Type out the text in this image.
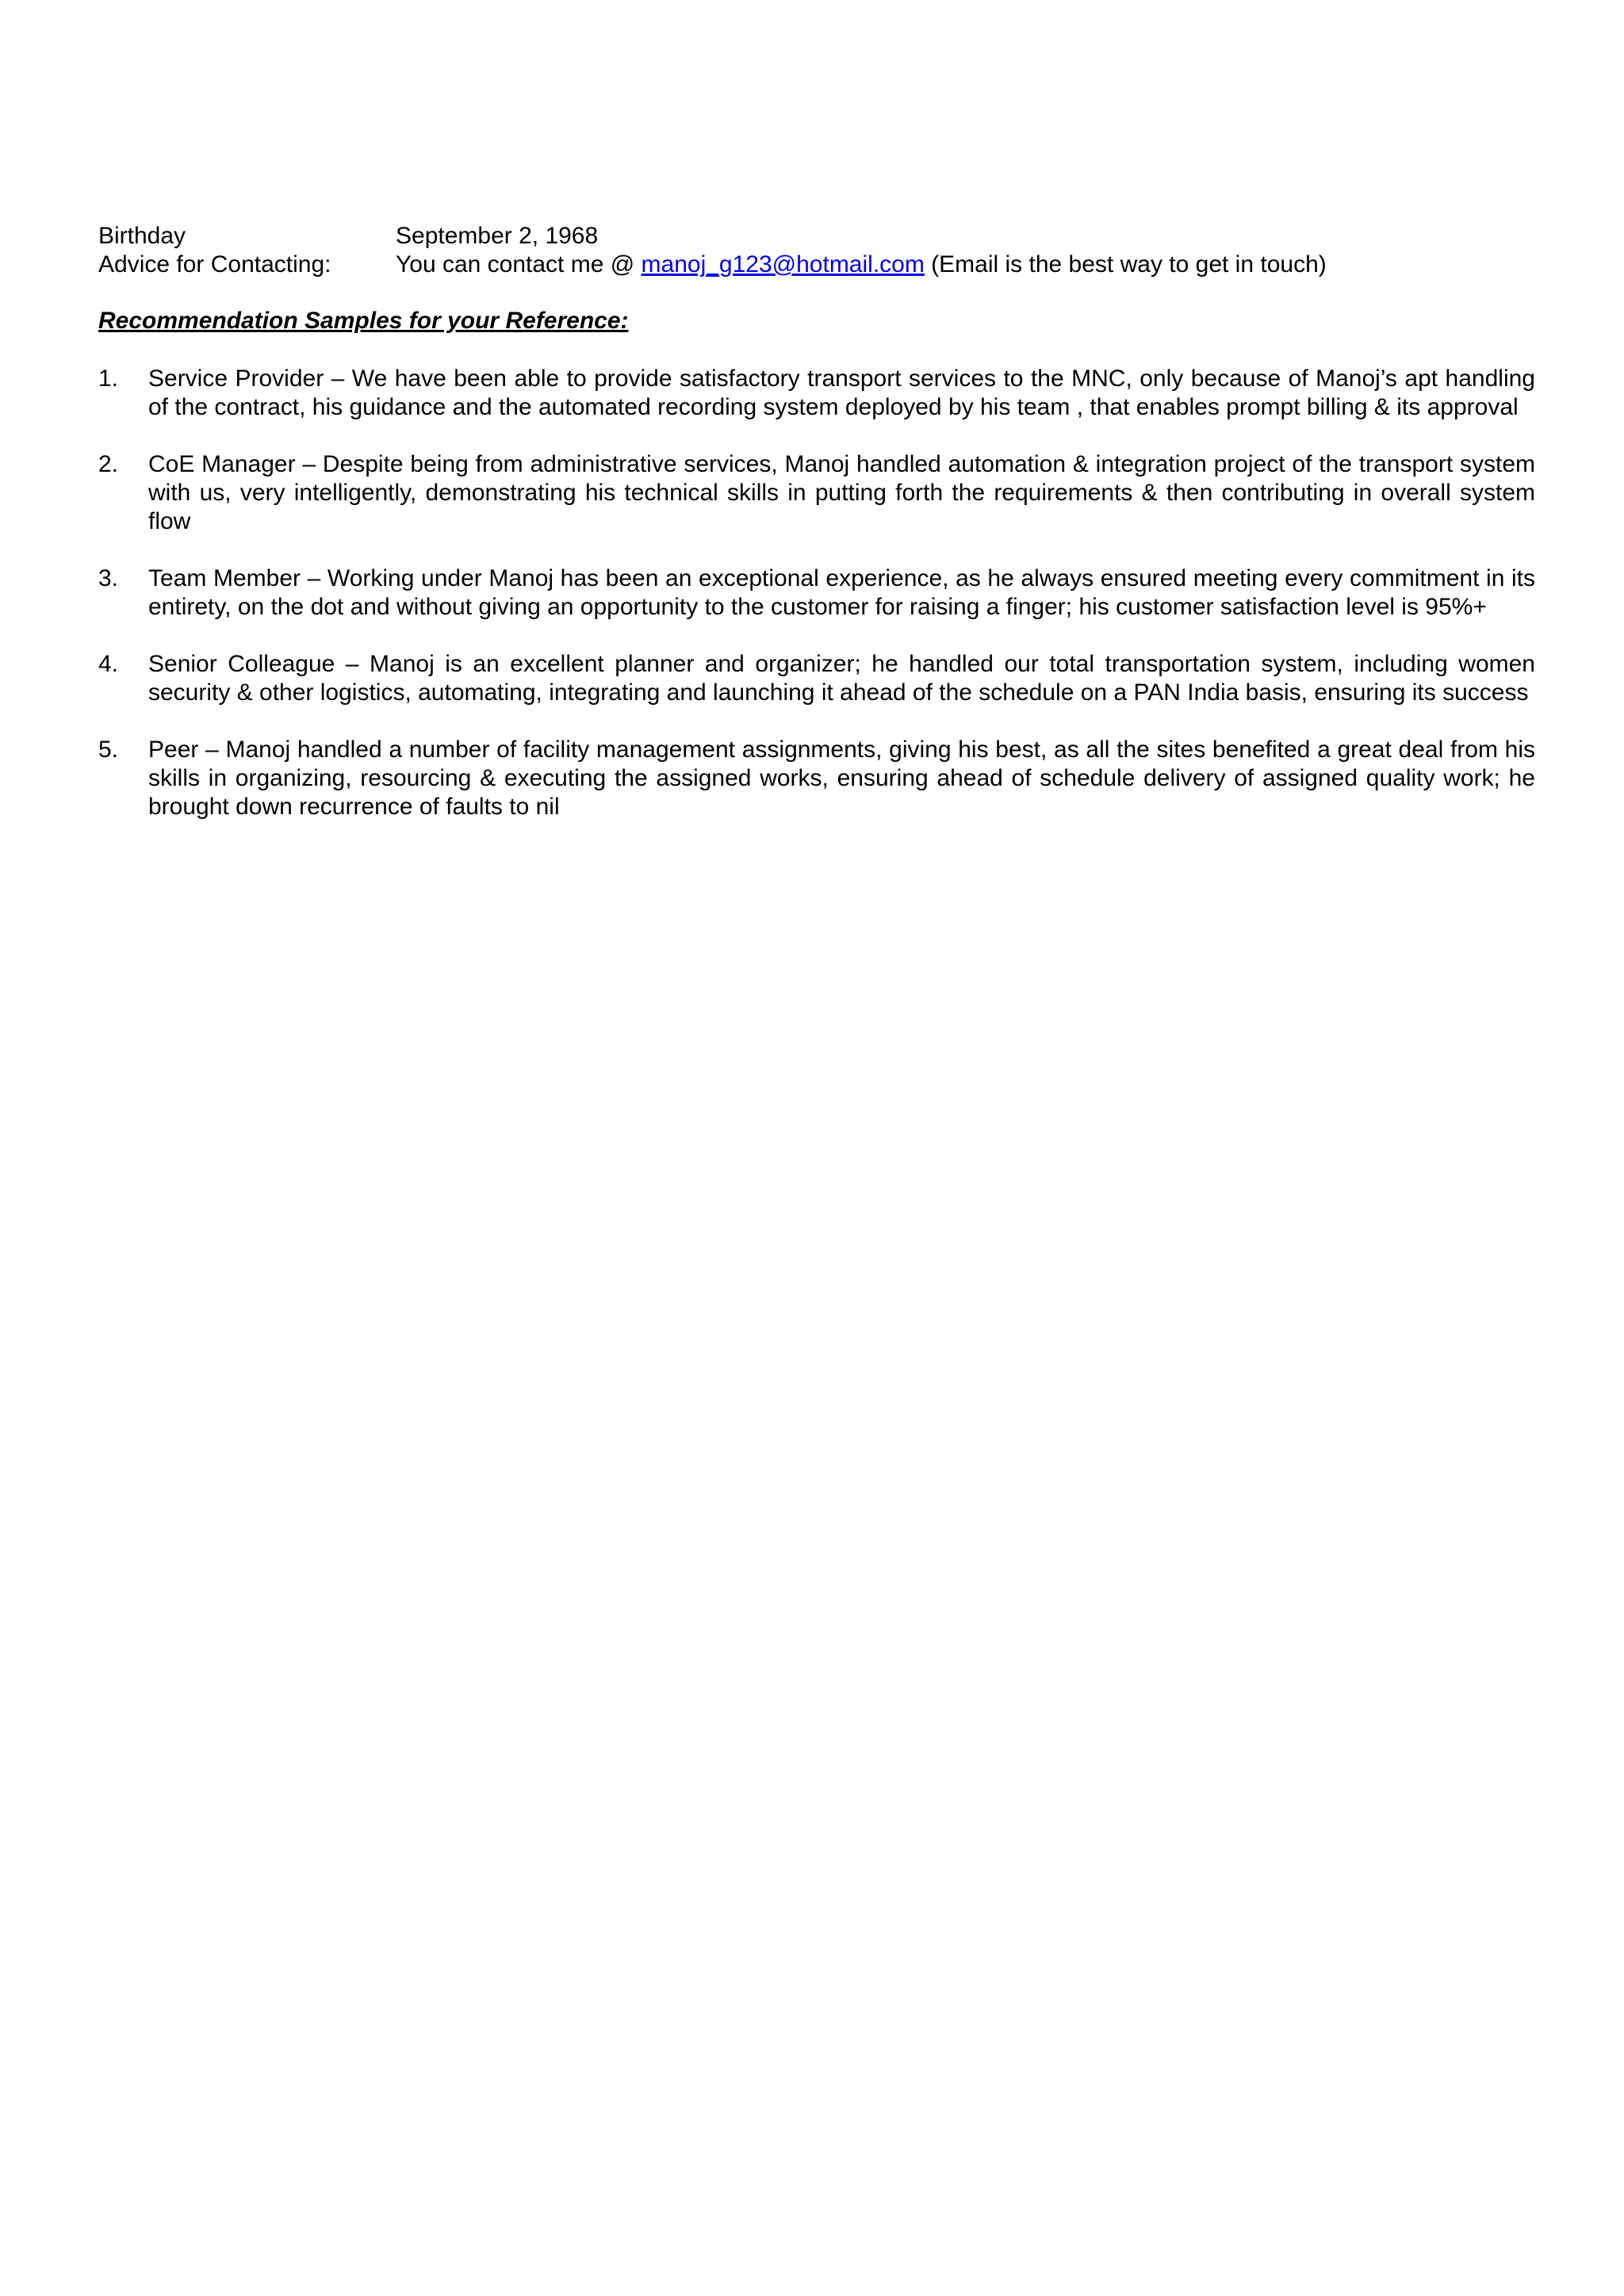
Birthday	September 2, 1968
Advice for Contacting:	You can contact me @ manoj_g123@hotmail.com (Email is the best way to get in touch)
Recommendation Samples for your Reference:
1.	Service Provider – We have been able to provide satisfactory transport services to the MNC, only because of Manoj’s apt handling of the contract, his guidance and the automated recording system deployed by his team , that enables prompt billing & its approval
2.	CoE Manager – Despite being from administrative services, Manoj handled automation & integration project of the transport system with us, very intelligently, demonstrating his technical skills in putting forth the requirements & then contributing in overall system flow
3.	Team Member – Working under Manoj has been an exceptional experience, as he always ensured meeting every commitment in its entirety, on the dot and without giving an opportunity to the customer for raising a finger; his customer satisfaction level is 95%+
4.	Senior Colleague – Manoj is an excellent planner and organizer; he handled our total transportation system, including women security & other logistics, automating, integrating and launching it ahead of the schedule on a PAN India basis, ensuring its success
5.	Peer – Manoj handled a number of facility management assignments, giving his best, as all the sites benefited a great deal from his skills in organizing, resourcing & executing the assigned works, ensuring ahead of schedule delivery of assigned quality work; he brought down recurrence of faults to nil
